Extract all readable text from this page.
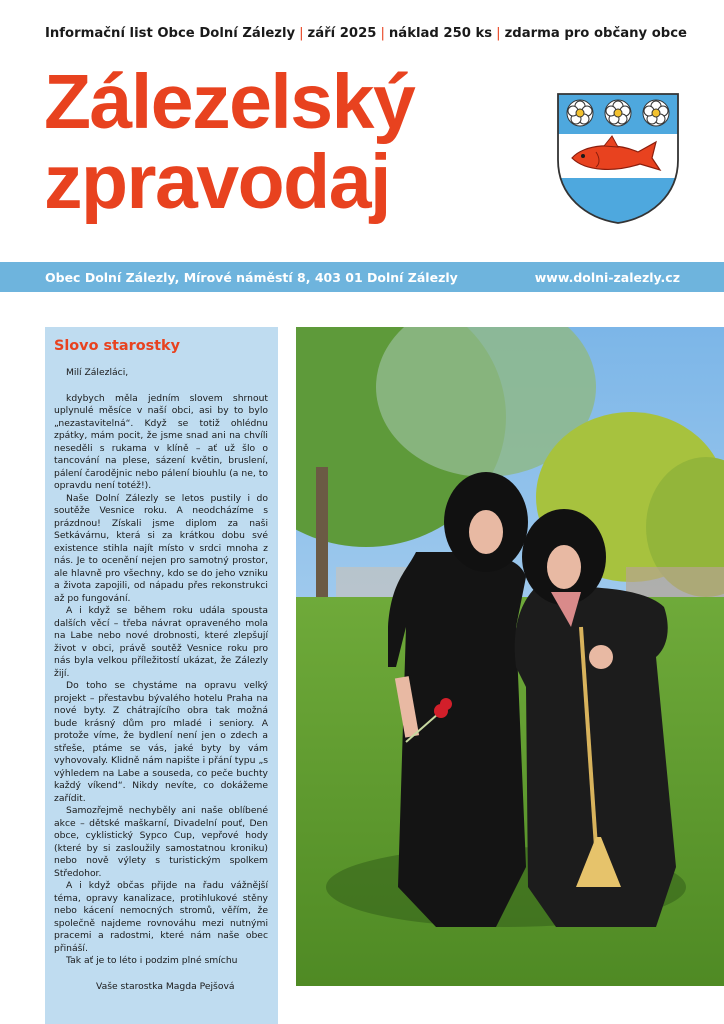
Informační list Obce Dolní Zálezly | září 2025 | náklad 250 ks | zdarma pro občany obce
Zálezelský
zpravodaj
Obec Dolní Zálezly, Mírové náměstí 8, 403 01 Dolní Zálezly	www.dolni-zalezly.cz
Slovo starostky

Milí Zálezláci,

kdybych měla jedním slovem shrnout uplynulé měsíce v naší obci, asi by to bylo „nezastavitelná“. Když se totiž ohlédnu zpátky, mám pocit, že jsme snad ani na chvíli neseděli s rukama v klíně – ať už šlo o tancování na plese, sázení květin, bruslení, pálení čarodějnic nebo pálení biouhlu (a ne, to opravdu není totéž!).

Naše Dolní Zálezly se letos pustily i do soutěže Vesnice roku. A neodcházíme s prázdnou! Získali jsme diplom za naši Setkávárnu, která si za krátkou dobu své existence stihla najít místo v srdci mnoha z nás. Je to ocenění nejen pro samotný prostor, ale hlavně pro všechny, kdo se do jeho vzniku a života zapojili, od nápadu přes rekonstrukci až po fungování.

A i když se během roku udála spousta dalších věcí – třeba návrat opraveného mola na Labe nebo nové drobnosti, které zlepšují život v obci, právě soutěž Vesnice roku pro nás byla velkou příležitostí ukázat, že Zálezly žijí.

Do toho se chystáme na opravu velký projekt – přestavbu bývalého hotelu Praha na nové byty. Z chátrajícího obra tak možná bude krásný dům pro mladé i seniory. A protože víme, že bydlení není jen o zdech a střeše, ptáme se vás, jaké byty by vám vyhovovaly. Klidně nám napište i přání typu „s výhledem na Labe a souseda, co peče buchty každý víkend“. Nikdy nevíte, co dokážeme zařídit.

Samozřejmě nechyběly ani naše oblíbené akce – dětské maškarní, Divadelní pouť, Den obce, cyklistický Sypco Cup, vepřové hody (které by si zasloužily samostatnou kroniku) nebo nově výlety s turistickým spolkem Středohor.

A i když občas přijde na řadu vážnější téma, opravy kanalizace, protihlukové stěny nebo kácení nemocných stromů, věřím, že společně najdeme rovnováhu mezi nutnými pracemi a radostmi, které nám naše obec přináší.

Tak ať je to léto i podzim plné smíchu

Vaše starostka Magda Pejšová
